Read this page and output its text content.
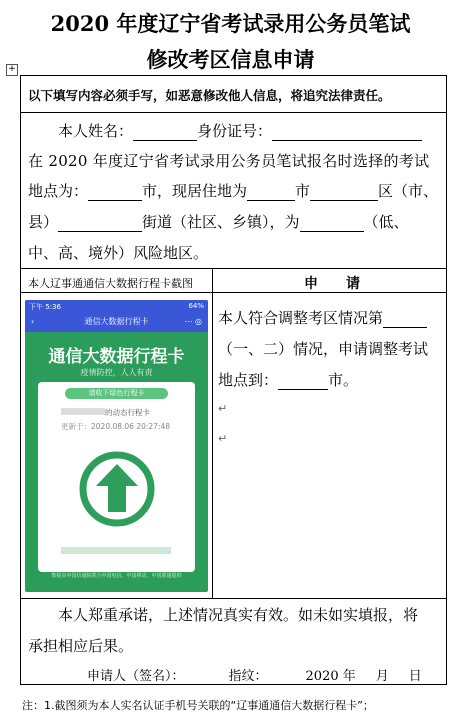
2020 年度辽宁省考试录用公务员笔试
修改考区信息申请
+
以下填写内容必须手写，如恶意修改他人信息，将追究法律责任。
本人姓名：	身份证号：
在 2020 年度辽宁省考试录用公务员笔试报名时选择的考试
地点为：	市，现居住地为	市	区（市、
县）	街道（社区、乡镇），为	（低、
中、高、境外）风险地区。
本人辽事通通信大数据行程卡截图	申　　请
下午 5:36	64%
‹	通信大数据行程卡	⋯ ◎
通信大数据行程卡
疫情防控，人人有责
请收下绿色行程卡
的动态行程卡
更新于：2020.08.06 20:27:48
数据由中国信通院联合中国电信、中国移动、中国联通提供
本人符合调整考区情况第
（一、二）情况，申请调整考试
地点到：	市。
↵
↵
本人郑重承诺，上述情况真实有效。如未如实填报，将
承担相应后果。
申请人（签名）：	指纹：	2020 年 月 日
注：1.截图须为本人实名认证手机号关联的“辽事通通信大数据行程卡”；
